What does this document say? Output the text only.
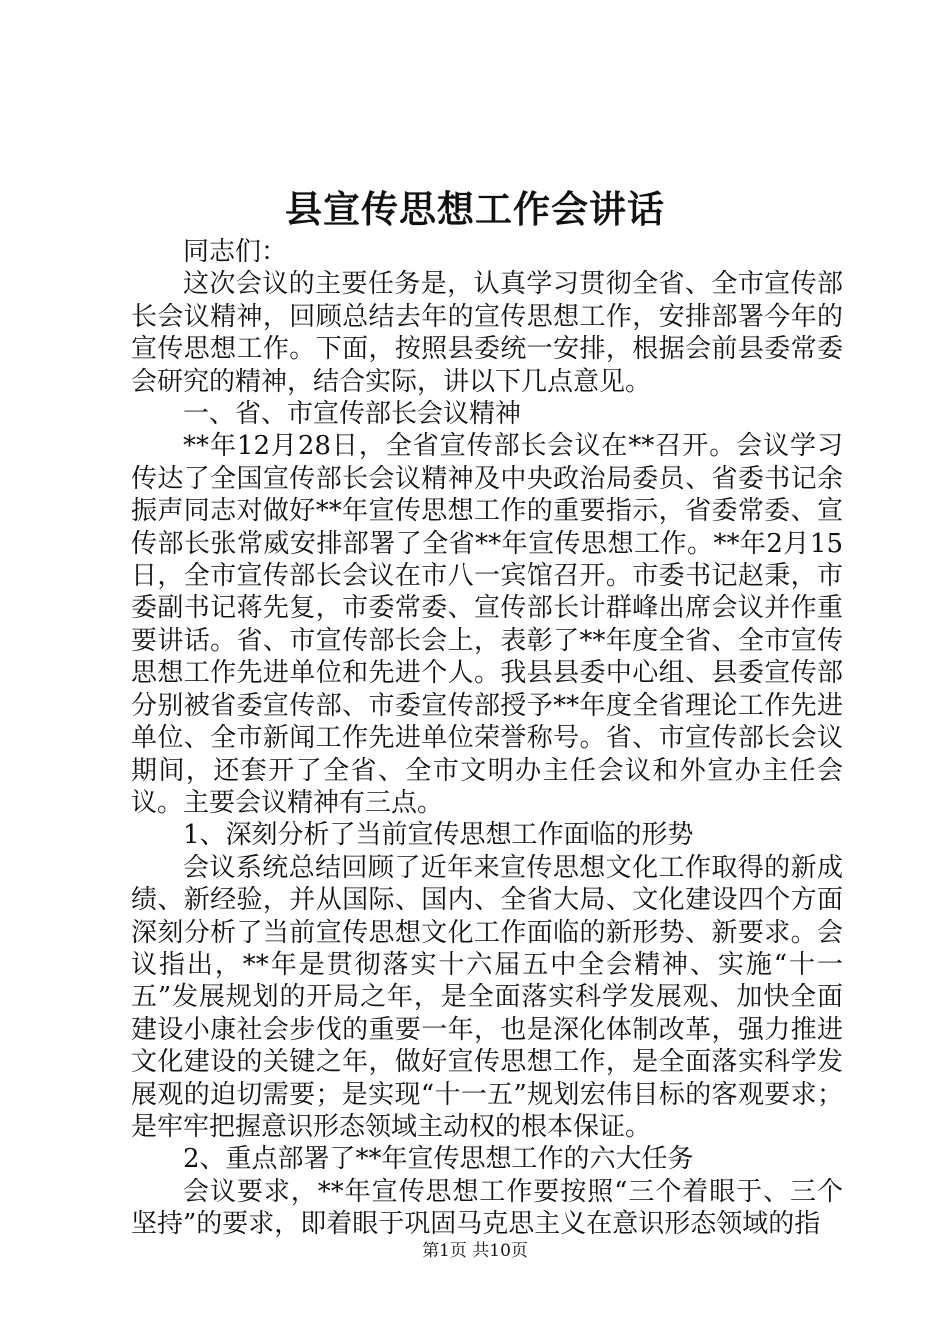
县宣传思想工作会讲话

同志们：

这次会议的主要任务是，认真学习贯彻全省、全市宣传部长会议精神，回顾总结去年的宣传思想工作，安排部署今年的宣传思想工作。下面，按照县委统一安排，根据会前县委常委会研究的精神，结合实际，讲以下几点意见。

一、省、市宣传部长会议精神

**年12月28日，全省宣传部长会议在**召开。会议学习传达了全国宣传部长会议精神及中央政治局委员、省委书记余振声同志对做好**年宣传思想工作的重要指示，省委常委、宣传部长张常威安排部署了全省**年宣传思想工作。**年2月15日，全市宣传部长会议在市八一宾馆召开。市委书记赵秉，市委副书记蒋先复，市委常委、宣传部长计群峰出席会议并作重要讲话。省、市宣传部长会上，表彰了**年度全省、全市宣传思想工作先进单位和先进个人。我县县委中心组、县委宣传部分别被省委宣传部、市委宣传部授予**年度全省理论工作先进单位、全市新闻工作先进单位荣誉称号。省、市宣传部长会议期间，还套开了全省、全市文明办主任会议和外宣办主任会议。主要会议精神有三点。

1、深刻分析了当前宣传思想工作面临的形势

会议系统总结回顾了近年来宣传思想文化工作取得的新成绩、新经验，并从国际、国内、全省大局、文化建设四个方面深刻分析了当前宣传思想文化工作面临的新形势、新要求。会议指出，**年是贯彻落实十六届五中全会精神、实施“十一五”发展规划的开局之年，是全面落实科学发展观、加快全面建设小康社会步伐的重要一年，也是深化体制改革，强力推进文化建设的关键之年，做好宣传思想工作，是全面落实科学发展观的迫切需要；是实现“十一五”规划宏伟目标的客观要求；是牢牢把握意识形态领域主动权的根本保证。

2、重点部署了**年宣传思想工作的六大任务

会议要求，**年宣传思想工作要按照“三个着眼于、三个坚持”的要求，即着眼于巩固马克思主义在意识形态领域的指

第1页 共10页
